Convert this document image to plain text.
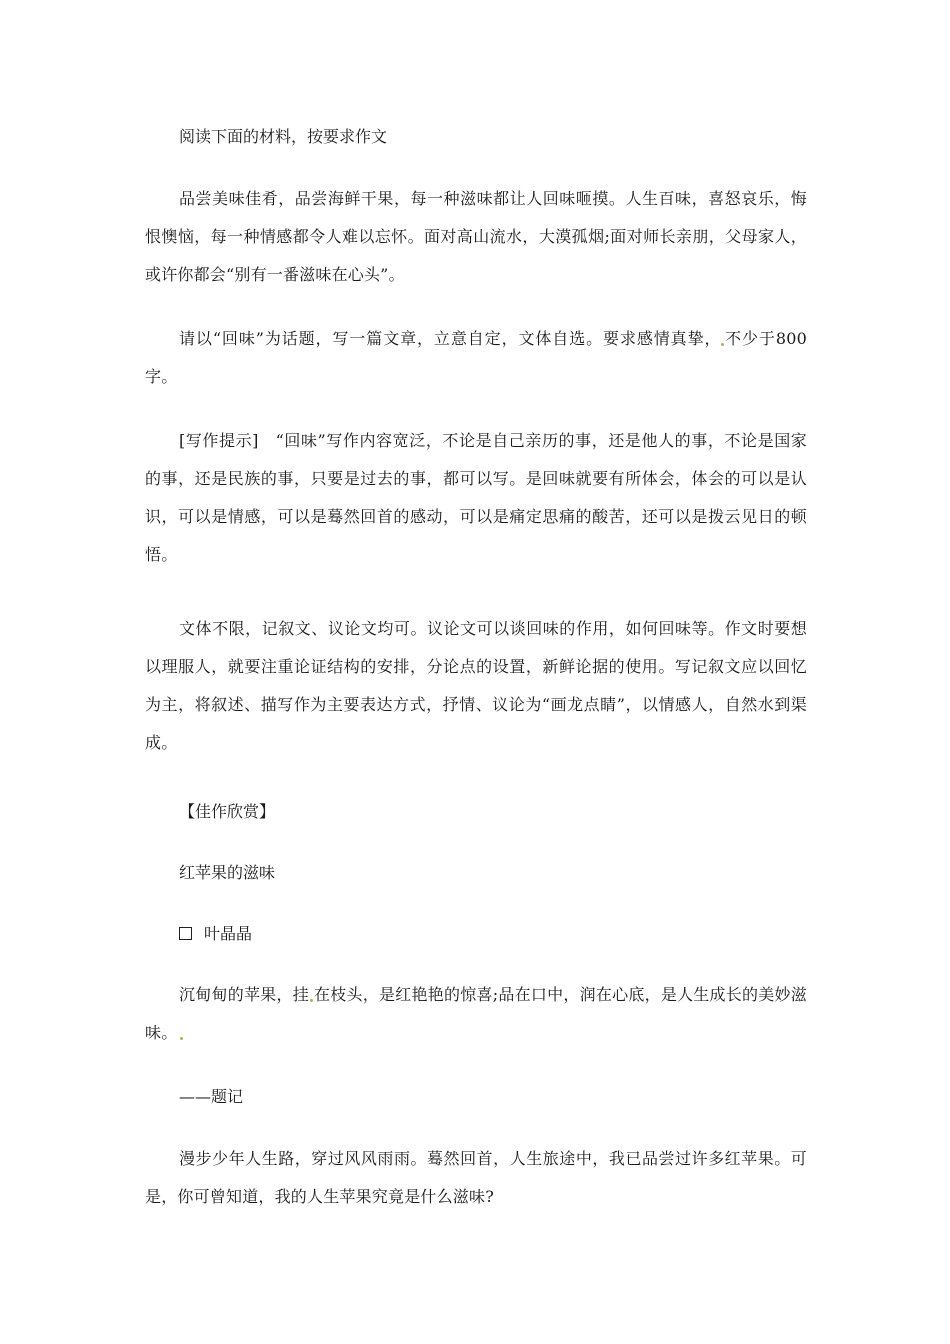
阅读下面的材料，按要求作文

品尝美味佳肴，品尝海鲜干果，每一种滋味都让人回味咂摸。人生百味，喜怒哀乐，悔恨懊恼，每一种情感都令人难以忘怀。面对高山流水，大漠孤烟;面对师长亲朋，父母家人，或许你都会“别有一番滋味在心头”。

请以“回味”为话题，写一篇文章，立意自定，文体自选。要求感情真挚， 不少于800字。

[写作提示]　“回味”写作内容宽泛，不论是自己亲历的事，还是他人的事，不论是国家的事，还是民族的事，只要是过去的事，都可以写。是回味就要有所体会，体会的可以是认识，可以是情感，可以是蓦然回首的感动，可以是痛定思痛的酸苦，还可以是拨云见日的顿悟。

文体不限，记叙文、议论文均可。议论文可以谈回味的作用，如何回味等。作文时要想以理服人，就要注重论证结构的安排，分论点的设置，新鲜论据的使用。写记叙文应以回忆为主，将叙述、描写作为主要表达方式，抒情、议论为“画龙点睛”，以情感人，自然水到渠成。

【佳作欣赏】

红苹果的滋味

叶晶晶

沉甸甸的苹果，挂 在枝头，是红艳艳的惊喜;品在口中，润在心底，是人生成长的美妙滋味。

——题记

漫步少年人生路，穿过风风雨雨。蓦然回首，人生旅途中，我已品尝过许多红苹果。可是，你可曾知道，我的人生苹果究竟是什么滋味?
